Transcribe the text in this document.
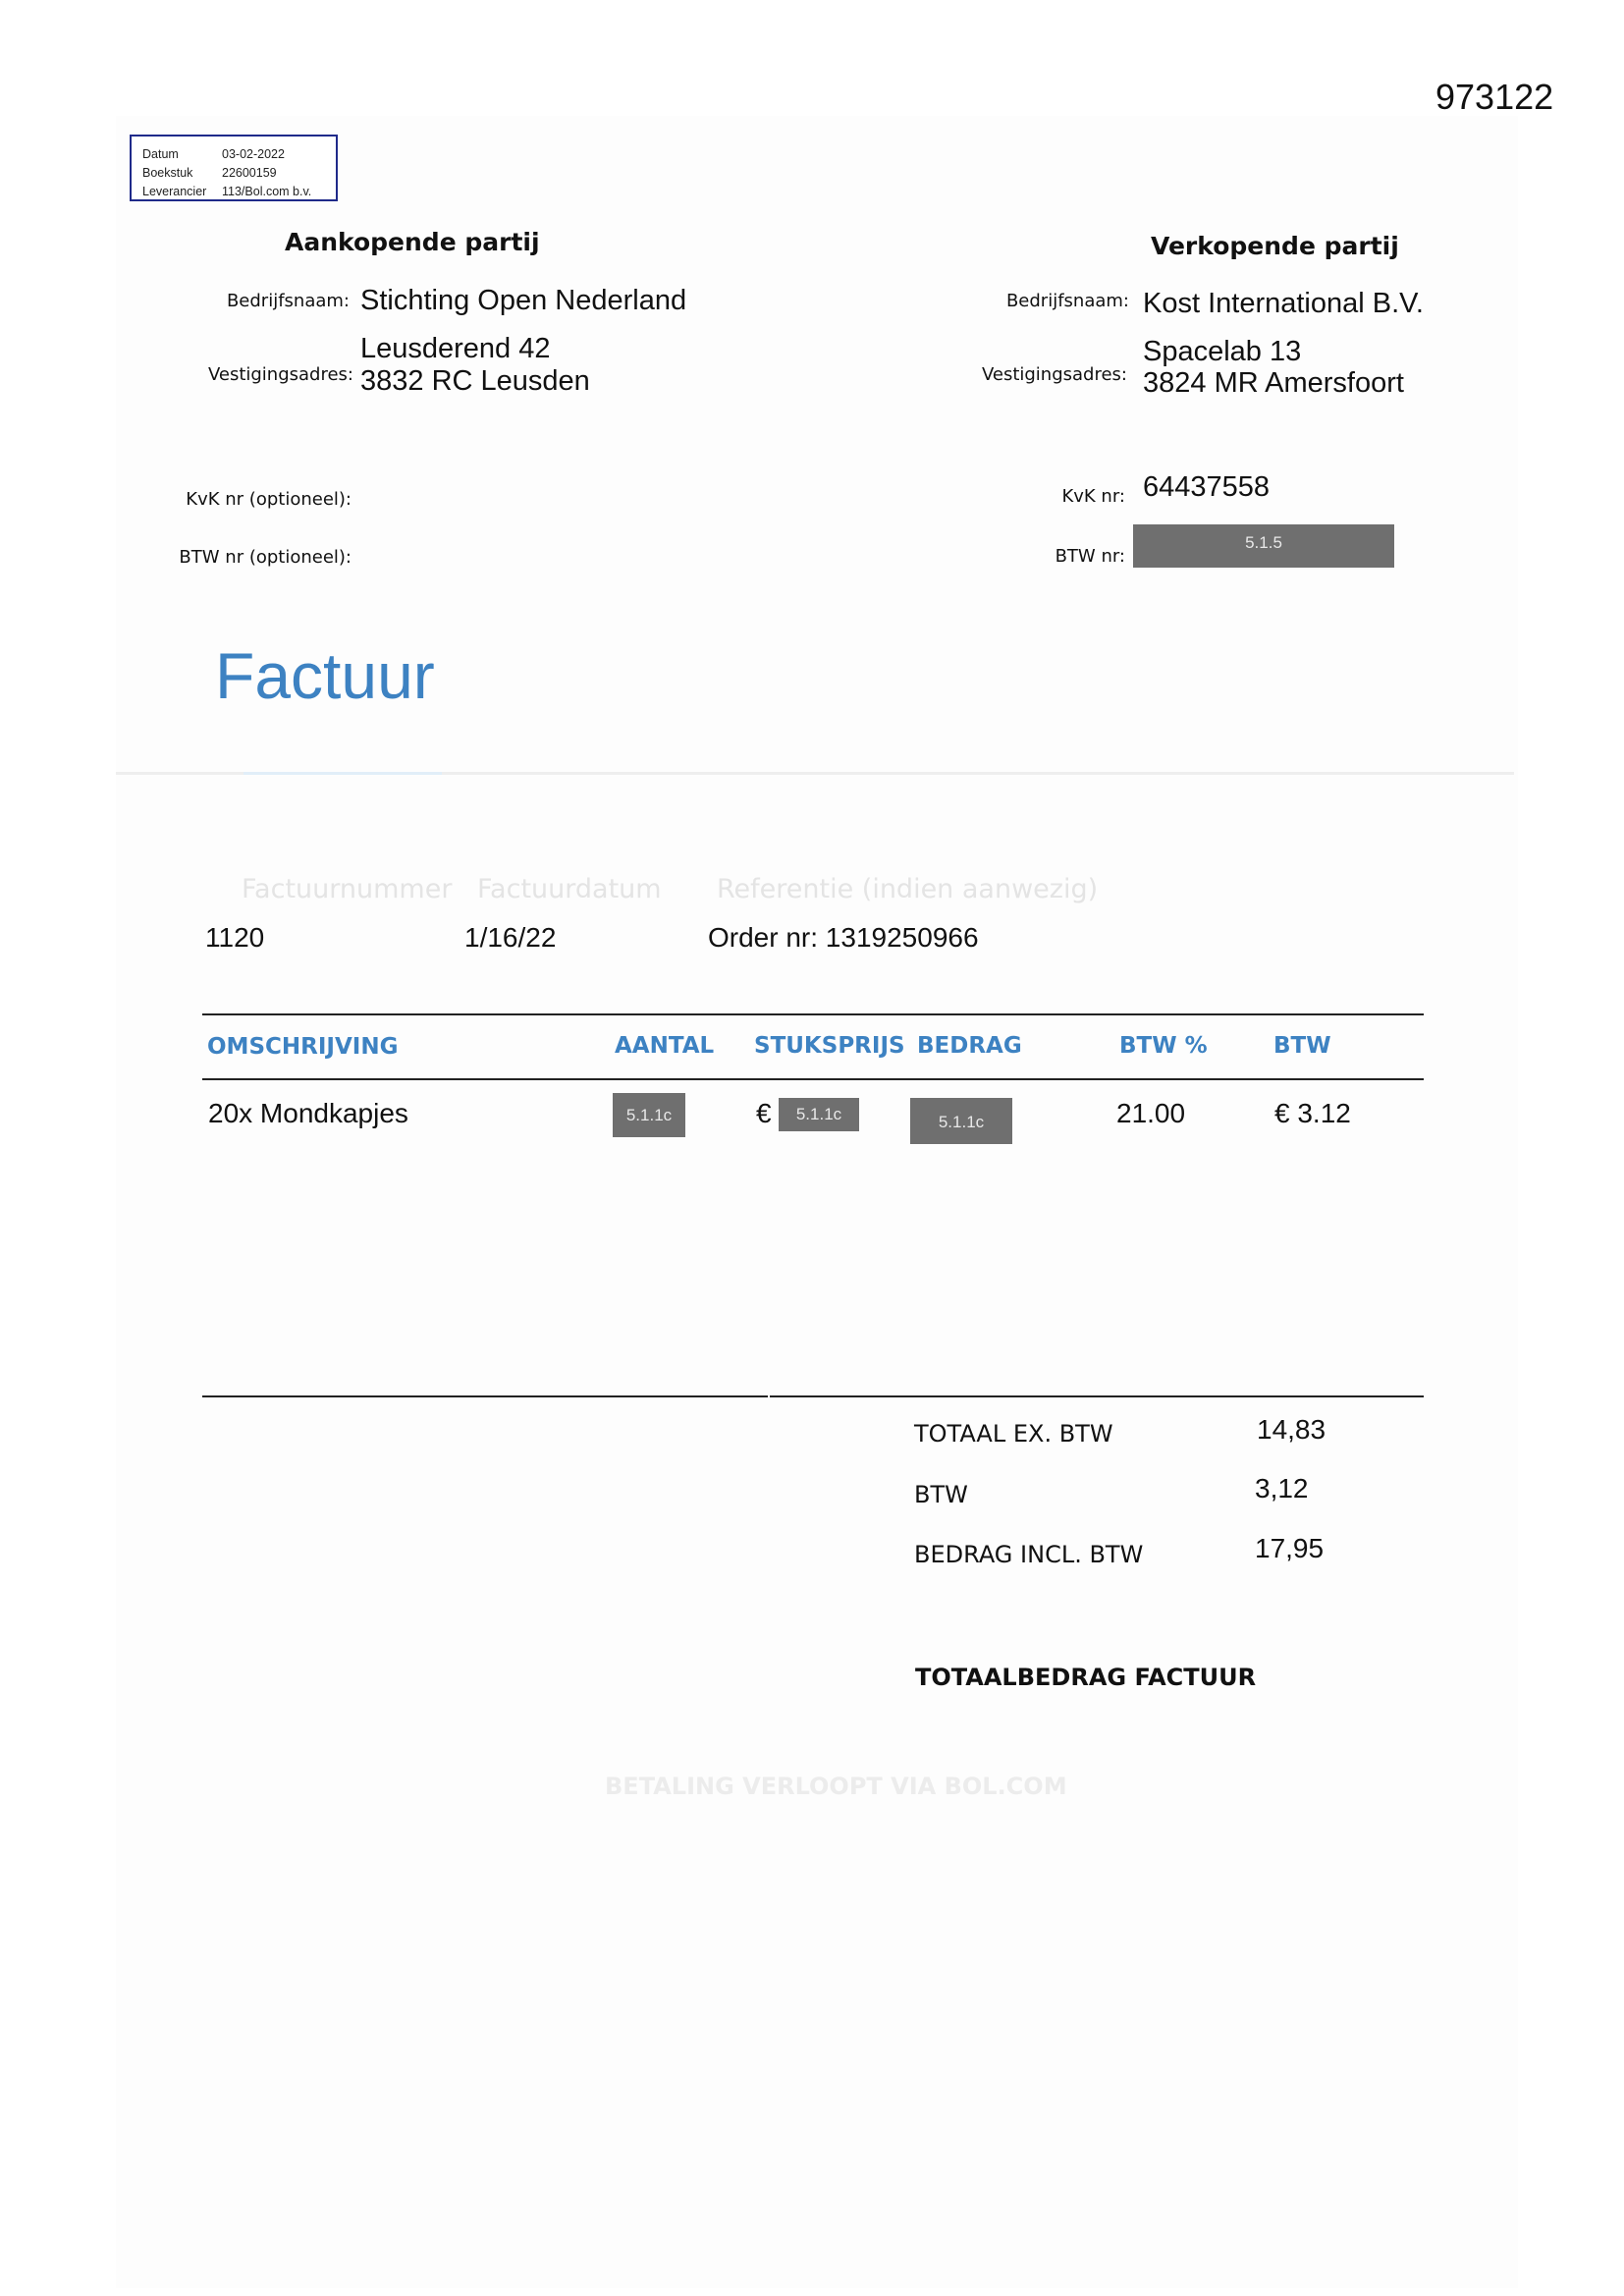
973122
Datum	03-02-2022
Boekstuk	22600159
Leverancier	113/Bol.com b.v.
Aankopende partij
Bedrijfsnaam: Stichting Open Nederland
Leusderend 42
Vestigingsadres: 3832 RC Leusden
KvK nr (optioneel):
BTW nr (optioneel):
Verkopende partij
Bedrijfsnaam: Kost International B.V.
Spacelab 13
Vestigingsadres: 3824 MR Amersfoort
KvK nr: 64437558
BTW nr:
5.1.5
Factuur
Factuurnummer Factuurdatum Referentie (indien aanwezig)
1120	1/16/22	Order nr: 1319250966
OMSCHRIJVING	AANTAL STUKSPRIJS BEDRAG	BTW %	BTW
20x Mondkapjes	5.1.1c	€	5.1.1c	5.1.1c	21.00	€ 3.12
TOTAAL EX. BTW	14,83
BTW	3,12
BEDRAG INCL. BTW	17,95
TOTAALBEDRAG FACTUUR
BETALING VERLOOPT VIA BOL.COM
